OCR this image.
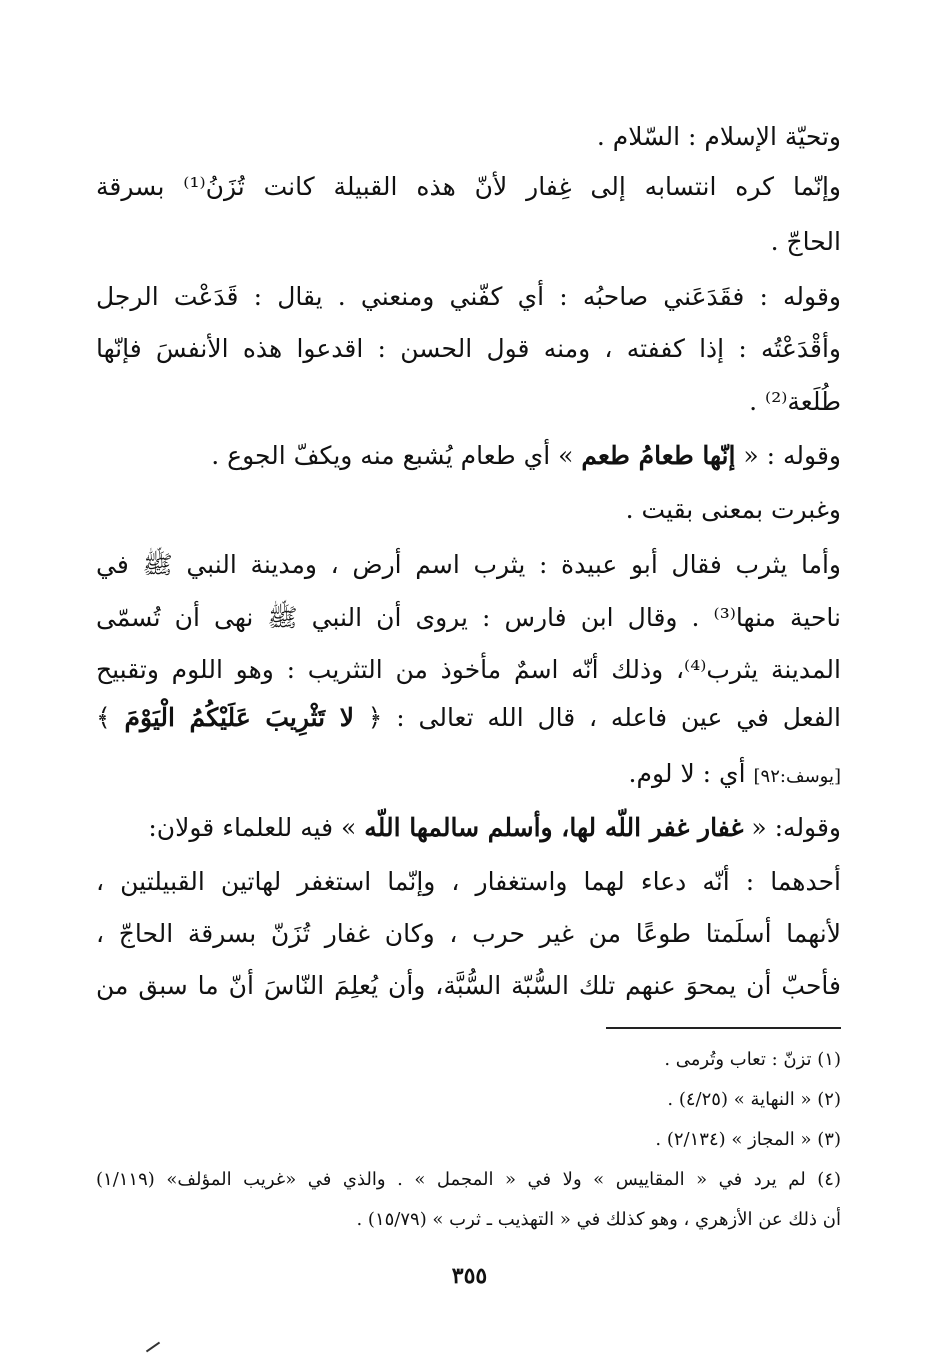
وتحيّة الإسلام : السّلام .
وإنّما كره انتسابه إلى غِفار لأنّ هذه القبيلة كانت تُزَنُ⁽¹⁾ بسرقة
الحاجّ .
وقوله : فقَدَعَني صاحبُه : أي كفّني ومنعني . يقال : قَدَعْت الرجل
وأقْدَعْتُه : إذا كففته ، ومنه قول الحسن : اقدعوا هذه الأنفسَ فإنّها
طُلَعة⁽²⁾ .
وقوله : « إنّها طعامُ طعم » أي طعام يُشبع منه ويكفّ الجوع .
وغبرت بمعنى بقيت .
وأما يثرب فقال أبو عبيدة : يثرب اسم أرض ، ومدينة النبي ﷺ في
ناحية منها⁽³⁾ . وقال ابن فارس : يروى أن النبي ﷺ نهى أن تُسمّى
المدينة يثرب⁽⁴⁾، وذلك أنّه اسمٌ مأخوذ من التثريب : وهو اللوم وتقبيح
الفعل في عين فاعله ، قال الله تعالى : ﴿ لا تَثْرِيبَ عَلَيْكُمُ الْيَوْمَ ﴾
[يوسف:٩٢] أي : لا لوم.
وقوله: « غفار غفر اللّه لها، وأسلم سالمها اللّه » فيه للعلماء قولان:
أحدهما : أنّه دعاء لهما واستغفار ، وإنّما استغفر لهاتين القبيلتين ،
لأنهما أسلَمتا طوعًا من غير حرب ، وكان غفار تُزَنّ بسرقة الحاجّ ،
فأحبّ أن يمحوَ عنهم تلك السُّبّة السُّبَّة، وأن يُعلِمَ النّاسَ أنّ ما سبق من
(١) تزنّ : تعاب وتُرمى .
(٢) « النهاية » (٤/٢٥) .
(٣) « المجاز » (٢/١٣٤) .
(٤) لم يرد في « المقاييس » ولا في « المجمل » . والذي في «غريب المؤلف» (١/١١٩)
أن ذلك عن الأزهري ، وهو كذلك في « التهذيب ـ ثرب » (١٥/٧٩) .
٣٥٥
